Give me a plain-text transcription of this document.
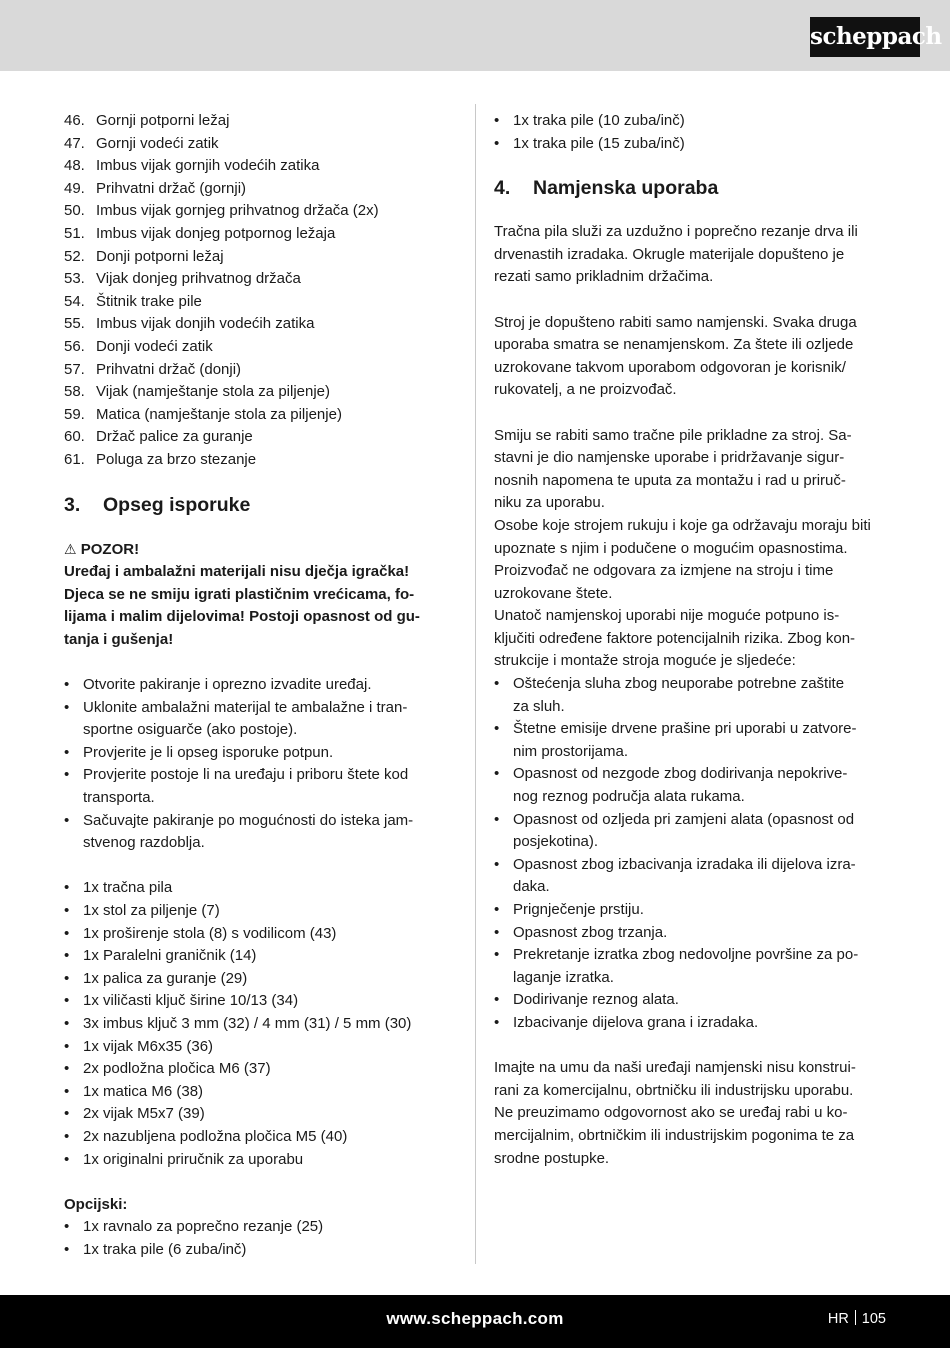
scheppach
46. Gornji potporni ležaj
47. Gornji vodeći zatik
48. Imbus vijak gornjih vodećih zatika
49. Prihvatni držač (gornji)
50. Imbus vijak gornjeg prihvatnog držača (2x)
51. Imbus vijak donjeg potpornog ležaja
52. Donji potporni ležaj
53. Vijak donjeg prihvatnog držača
54. Štitnik trake pile
55. Imbus vijak donjih vodećih zatika
56. Donji vodeći zatik
57. Prihvatni držač (donji)
58. Vijak (namještanje stola za piljenje)
59. Matica (namještanje stola za piljenje)
60. Držač palice za guranje
61. Poluga za brzo stezanje
3.	Opseg isporuke
⚠ POZOR!
Uređaj i ambalažni materijali nisu dječja igračka!
Djeca se ne smiju igrati plastičnim vrećicama, fo-
lijama i malim dijelovima! Postoji opasnost od gu-
tanja i gušenja!
• Otvorite pakiranje i oprezno izvadite uređaj.
• Uklonite ambalažni materijal te ambalažne i tran-
sportne osiguarče (ako postoje).
• Provjerite je li opseg isporuke potpun.
• Provjerite postoje li na uređaju i priboru štete kod
transporta.
• Sačuvajte pakiranje po mogućnosti do isteka jam-
stvenog razdoblja.
• 1x tračna pila
• 1x stol za piljenje (7)
• 1x proširenje stola (8) s vodilicom (43)
• 1x Paralelni graničnik (14)
• 1x palica za guranje (29)
• 1x viličasti ključ širine 10/13 (34)
• 3x imbus ključ 3 mm (32) / 4 mm (31) / 5 mm (30)
• 1x vijak M6x35 (36)
• 2x podložna pločica M6 (37)
• 1x matica M6 (38)
• 2x vijak M5x7 (39)
• 2x nazubljena podložna pločica M5 (40)
• 1x originalni priručnik za uporabu
Opcijski:
• 1x ravnalo za poprečno rezanje (25)
• 1x traka pile (6 zuba/inč)
• 1x traka pile (10 zuba/inč)
• 1x traka pile (15 zuba/inč)
4.	Namjenska uporaba
Tračna pila služi za uzdužno i poprečno rezanje drva ili
drvenastih izradaka. Okrugle materijale dopušteno je
rezati samo prikladnim držačima.
Stroj je dopušteno rabiti samo namjenski. Svaka druga
uporaba smatra se nenamjenskom. Za štete ili ozljede
uzrokovane takvom uporabom odgovoran je korisnik/
rukovatelj, a ne proizvođač.
Smiju se rabiti samo tračne pile prikladne za stroj. Sa-
stavni je dio namjenske uporabe i pridržavanje sigur-
nosnih napomena te uputa za montažu i rad u priruč-
niku za uporabu.
Osobe koje strojem rukuju i koje ga održavaju moraju biti
upoznate s njim i podučene o mogućim opasnostima.
Proizvođač ne odgovara za izmjene na stroju i time
uzrokovane štete.
Unatoč namjenskoj uporabi nije moguće potpuno is-
ključiti određene faktore potencijalnih rizika. Zbog kon-
strukcije i montaže stroja moguće je sljedeće:
• Oštećenja sluha zbog neuporabe potrebne zaštite
za sluh.
• Štetne emisije drvene prašine pri uporabi u zatvore-
nim prostorijama.
• Opasnost od nezgode zbog dodirivanja nepokrive-
nog reznog područja alata rukama.
• Opasnost od ozljeda pri zamjeni alata (opasnost od
posjekotina).
• Opasnost zbog izbacivanja izradaka ili dijelova izra-
daka.
• Prignječenje prstiju.
• Opasnost zbog trzanja.
• Prekretanje izratka zbog nedovoljne površine za po-
laganje izratka.
• Dodirivanje reznog alata.
• Izbacivanje dijelova grana i izradaka.
Imajte na umu da naši uređaji namjenski nisu konstrui-
rani za komercijalnu, obrtničku ili industrijsku uporabu.
Ne preuzimamo odgovornost ako se uređaj rabi u ko-
mercijalnim, obrtničkim ili industrijskim pogonima te za
srodne postupke.
www.scheppach.com	HR 105
